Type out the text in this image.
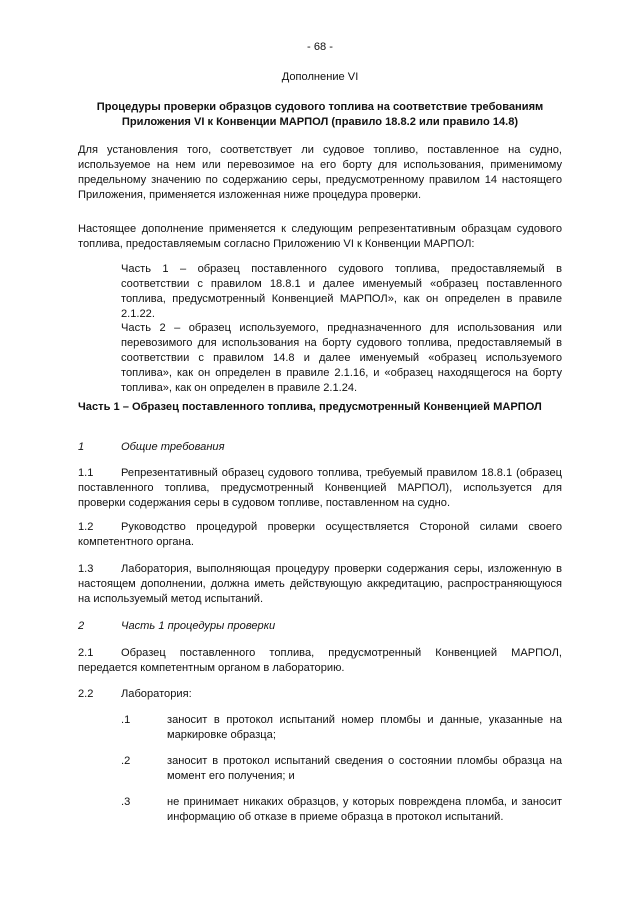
- 68 -
Дополнение VI
Процедуры проверки образцов судового топлива на соответствие требованиям Приложения VI к Конвенции МАРПОЛ (правило 18.8.2 или правило 14.8)
Для установления того, соответствует ли судовое топливо, поставленное на судно, используемое на нем или перевозимое на его борту для использования, применимому предельному значению по содержанию серы, предусмотренному правилом 14 настоящего Приложения, применяется изложенная ниже процедура проверки.
Настоящее дополнение применяется к следующим репрезентативным образцам судового топлива, предоставляемым согласно Приложению VI к Конвенции МАРПОЛ:
Часть 1 – образец поставленного судового топлива, предоставляемый в соответствии с правилом 18.8.1 и далее именуемый «образец поставленного топлива, предусмотренный Конвенцией МАРПОЛ», как он определен в правиле 2.1.22.
Часть 2 – образец используемого, предназначенного для использования или перевозимого для использования на борту судового топлива, предоставляемый в соответствии с правилом 14.8 и далее именуемый «образец используемого топлива», как он определен в правиле 2.1.16, и «образец находящегося на борту топлива», как он определен в правиле 2.1.24.
Часть 1 – Образец поставленного топлива, предусмотренный Конвенцией МАРПОЛ
1	Общие требования
1.1	Репрезентативный образец судового топлива, требуемый правилом 18.8.1 (образец поставленного топлива, предусмотренный Конвенцией МАРПОЛ), используется для проверки содержания серы в судовом топливе, поставленном на судно.
1.2	Руководство процедурой проверки осуществляется Стороной силами своего компетентного органа.
1.3	Лаборатория, выполняющая процедуру проверки содержания серы, изложенную в настоящем дополнении, должна иметь действующую аккредитацию, распространяющуюся на используемый метод испытаний.
2	Часть 1 процедуры проверки
2.1	Образец поставленного топлива, предусмотренный Конвенцией МАРПОЛ, передается компетентным органом в лабораторию.
2.2 Лаборатория:
.1	заносит в протокол испытаний номер пломбы и данные, указанные на маркировке образца;
.2	заносит в протокол испытаний сведения о состоянии пломбы образца на момент его получения; и
.3	не принимает никаких образцов, у которых повреждена пломба, и заносит информацию об отказе в приеме образца в протокол испытаний.
